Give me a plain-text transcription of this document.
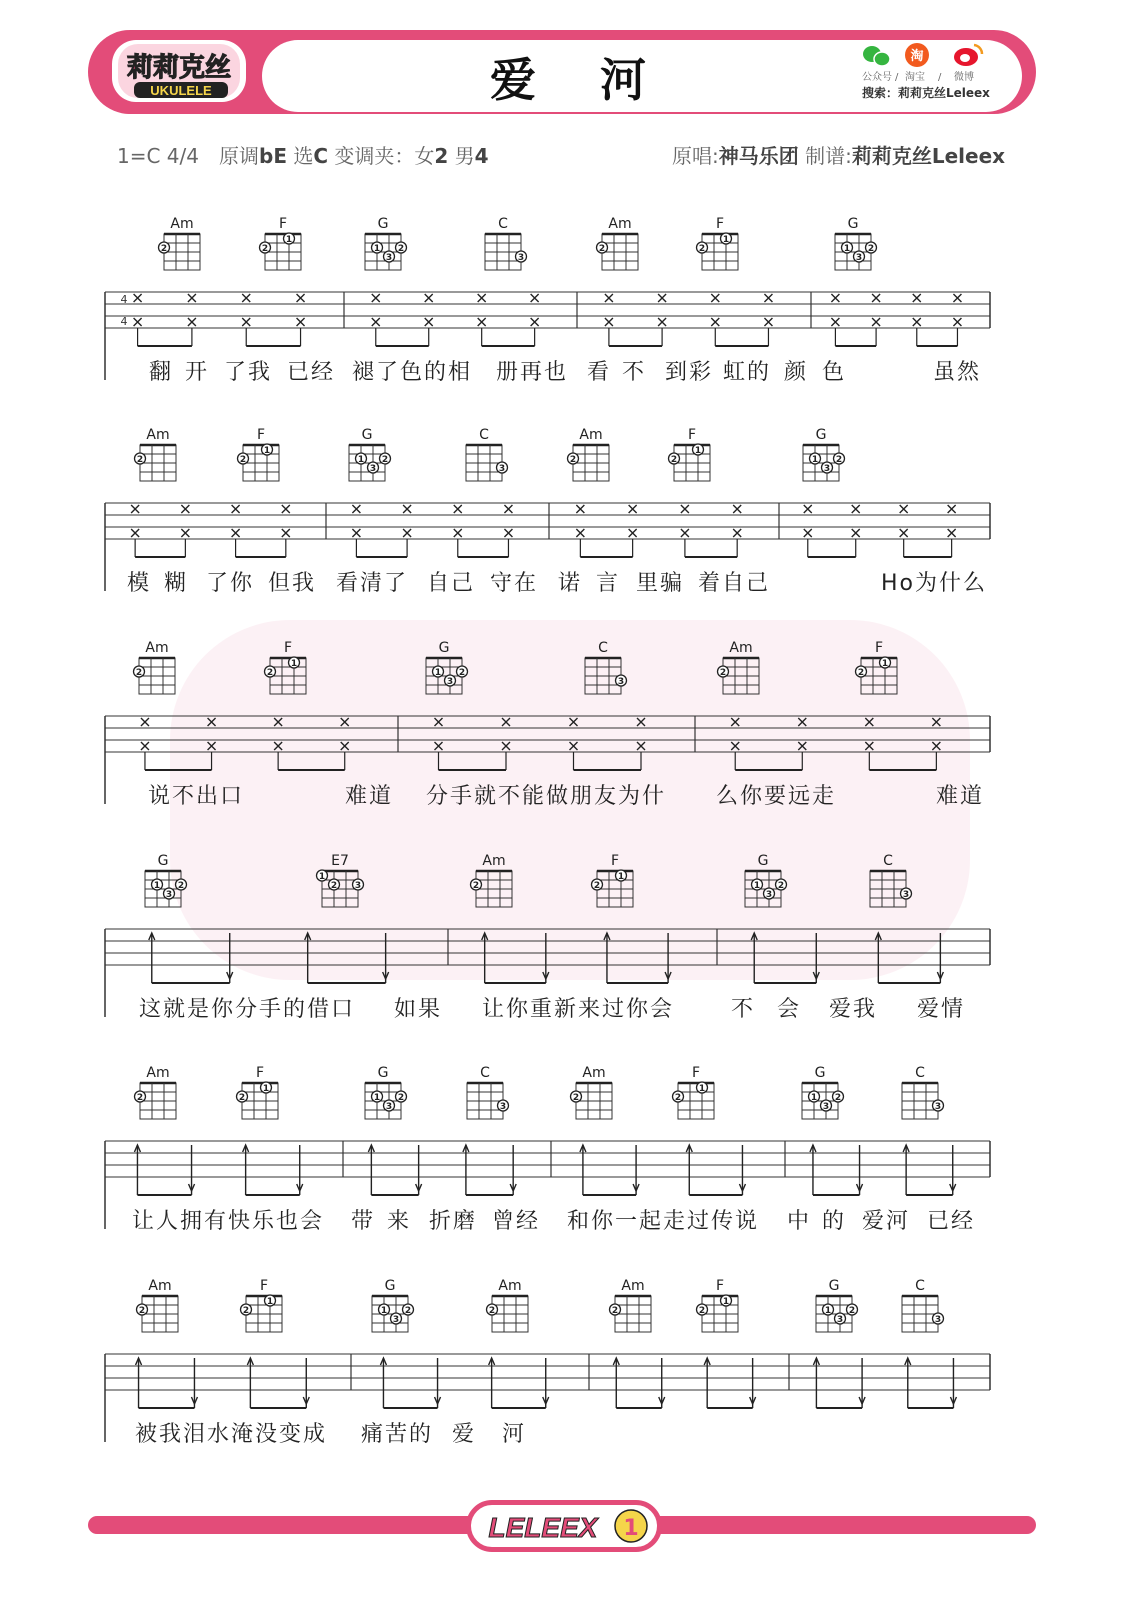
莉莉克丝
UKULELE	爱 河	淘
公众号 / 淘宝 / 微博
搜索：莉莉克丝Leleex
1=C 4/4　原调bE 选C 变调夹：女2 男4	原唱:神马乐团 制谱:莉莉克丝Leleex
4
4
Am
2
F
2
1
G
1
3
2
C
3
Am
2
F
2
1
G
1
3
2
翻 开 了我 已经 褪了色的相 册再也 看 不 到彩 虹的 颜 色	虽然
Am
2
F
2
1
G
1
3
2
C
3
Am
2
F
2
1
G
1
3
2
模 糊 了你 但我 看清了 自己 守在 诺 言 里骗 着自己	Ho为什么
Am
2
F
2
1
G
1
3
2
C
3
Am
2
F
2
1
说不出口	难道 分手就不能做朋友为什 么你要远走	难道
G
1
3
2
E7
1
2 3
Am
2
F
2
1
G
1
3
2
C
3
这就是你分手的借口 如果 让你重新来过你会	不 会 爱我 爱情
Am
2
F
2
1
G
1
3
2
C
3
Am
2
F
2
1
G
1
3
2
C
3
让人拥有快乐也会 带 来 折磨 曾经 和你一起走过传说 中 的 爱河 已经
Am
2
F
2
1
G
1
3
2
Am
2
Am
2
F
2
1
G
1
3
2
C
3
被我泪水淹没变成 痛苦的 爱 河
LELEEX 1
